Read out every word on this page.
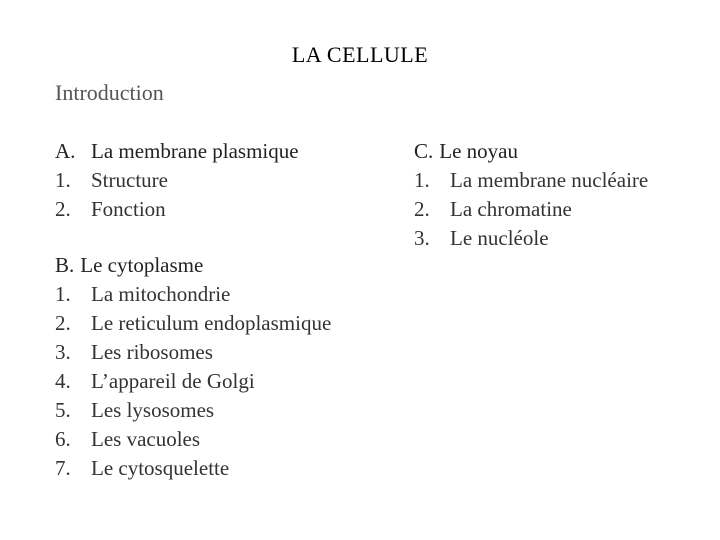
LA CELLULE
Introduction
A. La membrane plasmique
1. Structure
2. Fonction
B. Le cytoplasme
1. La mitochondrie
2. Le reticulum endoplasmique
3. Les ribosomes
4. L’appareil de Golgi
5. Les lysosomes
6. Les vacuoles
7. Le cytosquelette
C. Le noyau
1. La membrane nucléaire
2. La chromatine
3. Le nucléole
